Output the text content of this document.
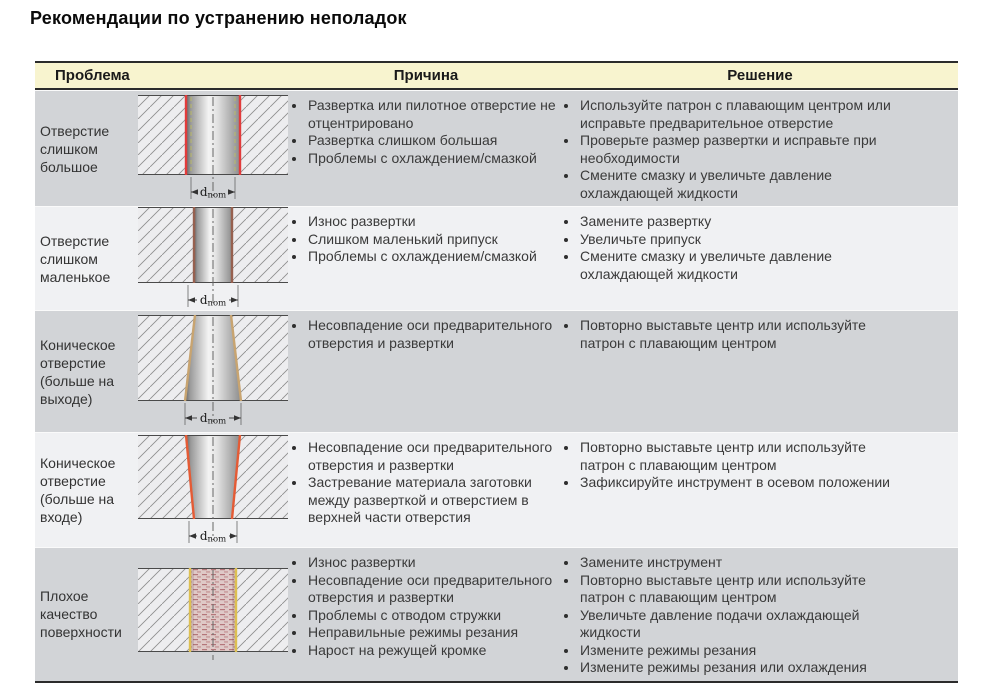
Рекомендации по устранению неполадок
Проблема	Причина	Решение
Отверстие слишком большое
dnom
• Развертка или пилотное отверстие не отцентрировано
• Развертка слишком большая
• Проблемы с охлаждением/смазкой
• Используйте патрон с плавающим центром или исправьте предварительное отверстие
• Проверьте размер развертки и исправьте при необходимости
• Смените смазку и увеличьте давление охлаждающей жидкости
Отверстие слишком маленькое
dnom
• Износ развертки
• Слишком маленький припуск
• Проблемы с охлаждением/смазкой
• Замените развертку
• Увеличьте припуск
• Смените смазку и увеличьте давление охлаждающей жидкости
Коническое отверстие (больше на выходе)
dnom
• Несовпадение оси предварительного отверстия и развертки
• Повторно выставьте центр или используйте патрон с плавающим центром
Коническое отверстие (больше на входе)
dnom
• Несовпадение оси предварительного отверстия и развертки
• Застревание материала заготовки между разверткой и отверстием в верхней части отверстия
• Повторно выставьте центр или используйте патрон с плавающим центром
• Зафиксируйте инструмент в осевом положении
Плохое качество поверхности
• Износ развертки
• Несовпадение оси предварительного отверстия и развертки
• Проблемы с отводом стружки
• Неправильные режимы резания
• Нарост на режущей кромке
• Замените инструмент
• Повторно выставьте центр или используйте патрон с плавающим центром
• Увеличьте давление подачи охлаждающей жидкости
• Измените режимы резания
• Измените режимы резания или охлаждения
